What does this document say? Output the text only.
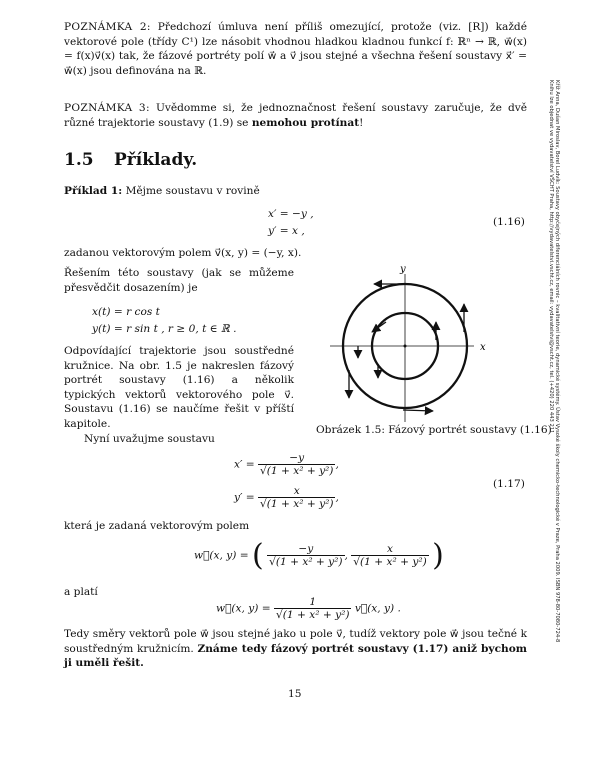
POZNÁMKA 2: Předchozí úmluva není příliš omezující, protože (viz. [R]) každé vektorové pole (třídy C¹) lze násobit vhodnou hladkou kladnou funkcí f: ℝⁿ → ℝ, w⃗(x) = f(x)v⃗(x) tak, že fázové portréty polí w⃗ a v⃗ jsou stejné a všechna řešení soustavy x⃗′ = w⃗(x) jsou definována na ℝ.
POZNÁMKA 3: Uvědomme si, že jednoznačnost řešení soustavy zaručuje, že dvě různé trajektorie soustavy (1.9) se nemohou protínat!
1.5 Příklady.
Příklad 1: Mějme soustavu v rovině
x′ = −y ,
y′ = x ,
(1.16)
zadanou vektorovým polem v⃗(x, y) = (−y, x).
Řešením této soustavy (jak se můžeme přesvědčit dosazením) je
x(t) = r cos t
y(t) = r sin t , r ≥ 0, t ∈ ℝ .
Odpovídající trajektorie jsou soustředné kružnice. Na obr. 1.5 je nakreslen fázový portrét soustavy (1.16) a několik typických vektorů vektorového pole v⃗. Soustavu (1.16) se naučíme řešit v příští kapitole.
x
y
Obrázek 1.5: Fázový portrét soustavy (1.16)
Nyní uvažujme soustavu
$x' = \frac{-y}{\text{√(1 + x² + y²)}}$ ,
$y' = \frac{x}{\text{√(1 + x² + y²)}}$ ,
(1.17)
která je zadaná vektorovým polem
w⃗(x, y) = ( $\frac{-y}{\text{√(1 + x² + y²)}}$ , $\frac{x}{\text{√(1 + x² + y²)}}$ )
a platí
w⃗(x, $y) = \frac{1}{\text{√(1 + x² + y²)}}$ v⃗(x, y) .
Tedy směry vektorů pole w⃗ jsou stejné jako u pole v⃗, tudíž vektory pole w⃗ jsou tečné k soustředným kružnicím. Známe tedy fázový portrét soustavy (1.17) aniž bychom ji uměli řešit.
15
Kříž Anna, Dušan Miroslav, Borel Ludvík: Soustavy obyčejných diferenciálních rovnic – kvalitativní teorie, dynamické systémy. Ústav Vysoké školy chemicko-technologické v Praze, Praha 2009. ISBN 978-80-7080-724-8
Knihu lze objednat ve vydavatelství VŠCHT Praha, http://vydavatelstvi.vscht.cz, email: vydavatelstvi@vscht.cz, tel. (+420) 220 443 211
